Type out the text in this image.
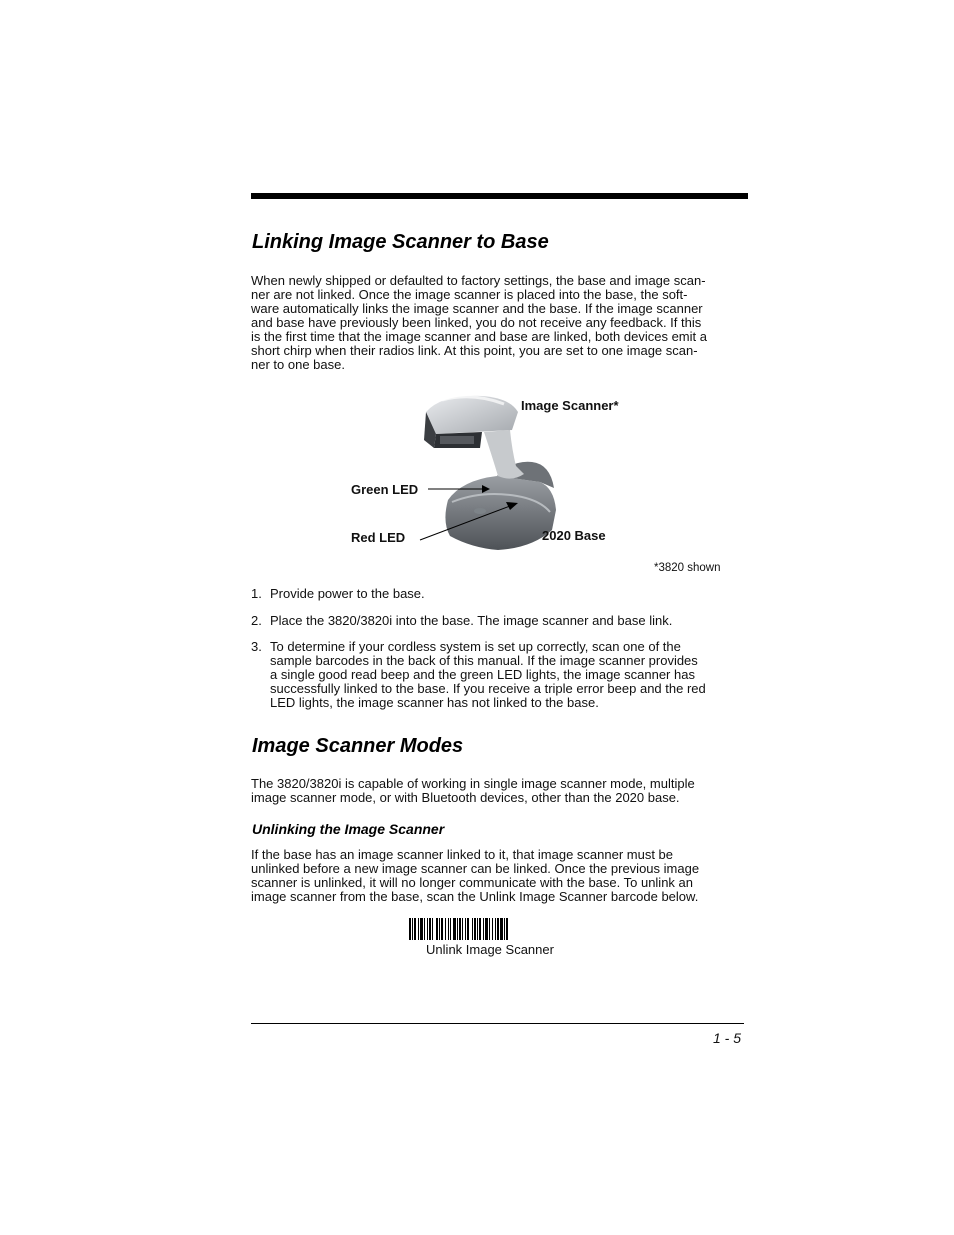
Linking Image Scanner to Base
When newly shipped or defaulted to factory settings, the base and image scan-
ner are not linked. Once the image scanner is placed into the base, the soft-
ware automatically links the image scanner and the base. If the image scanner
and base have previously been linked, you do not receive any feedback. If this
is the first time that the image scanner and base are linked, both devices emit a
short chirp when their radios link. At this point, you are set to one image scan-
ner to one base.
Image Scanner*
Green LED
Red LED	2020 Base
*3820 shown
1. Provide power to the base.
2. Place the 3820/3820i into the base. The image scanner and base link.
3. To determine if your cordless system is set up correctly, scan one of the
sample barcodes in the back of this manual. If the image scanner provides
a single good read beep and the green LED lights, the image scanner has
successfully linked to the base. If you receive a triple error beep and the red
LED lights, the image scanner has not linked to the base.
Image Scanner Modes
The 3820/3820i is capable of working in single image scanner mode, multiple
image scanner mode, or with Bluetooth devices, other than the 2020 base.
Unlinking the Image Scanner
If the base has an image scanner linked to it, that image scanner must be
unlinked before a new image scanner can be linked. Once the previous image
scanner is unlinked, it will no longer communicate with the base. To unlink an
image scanner from the base, scan the Unlink Image Scanner barcode below.
Unlink Image Scanner
1 - 5
